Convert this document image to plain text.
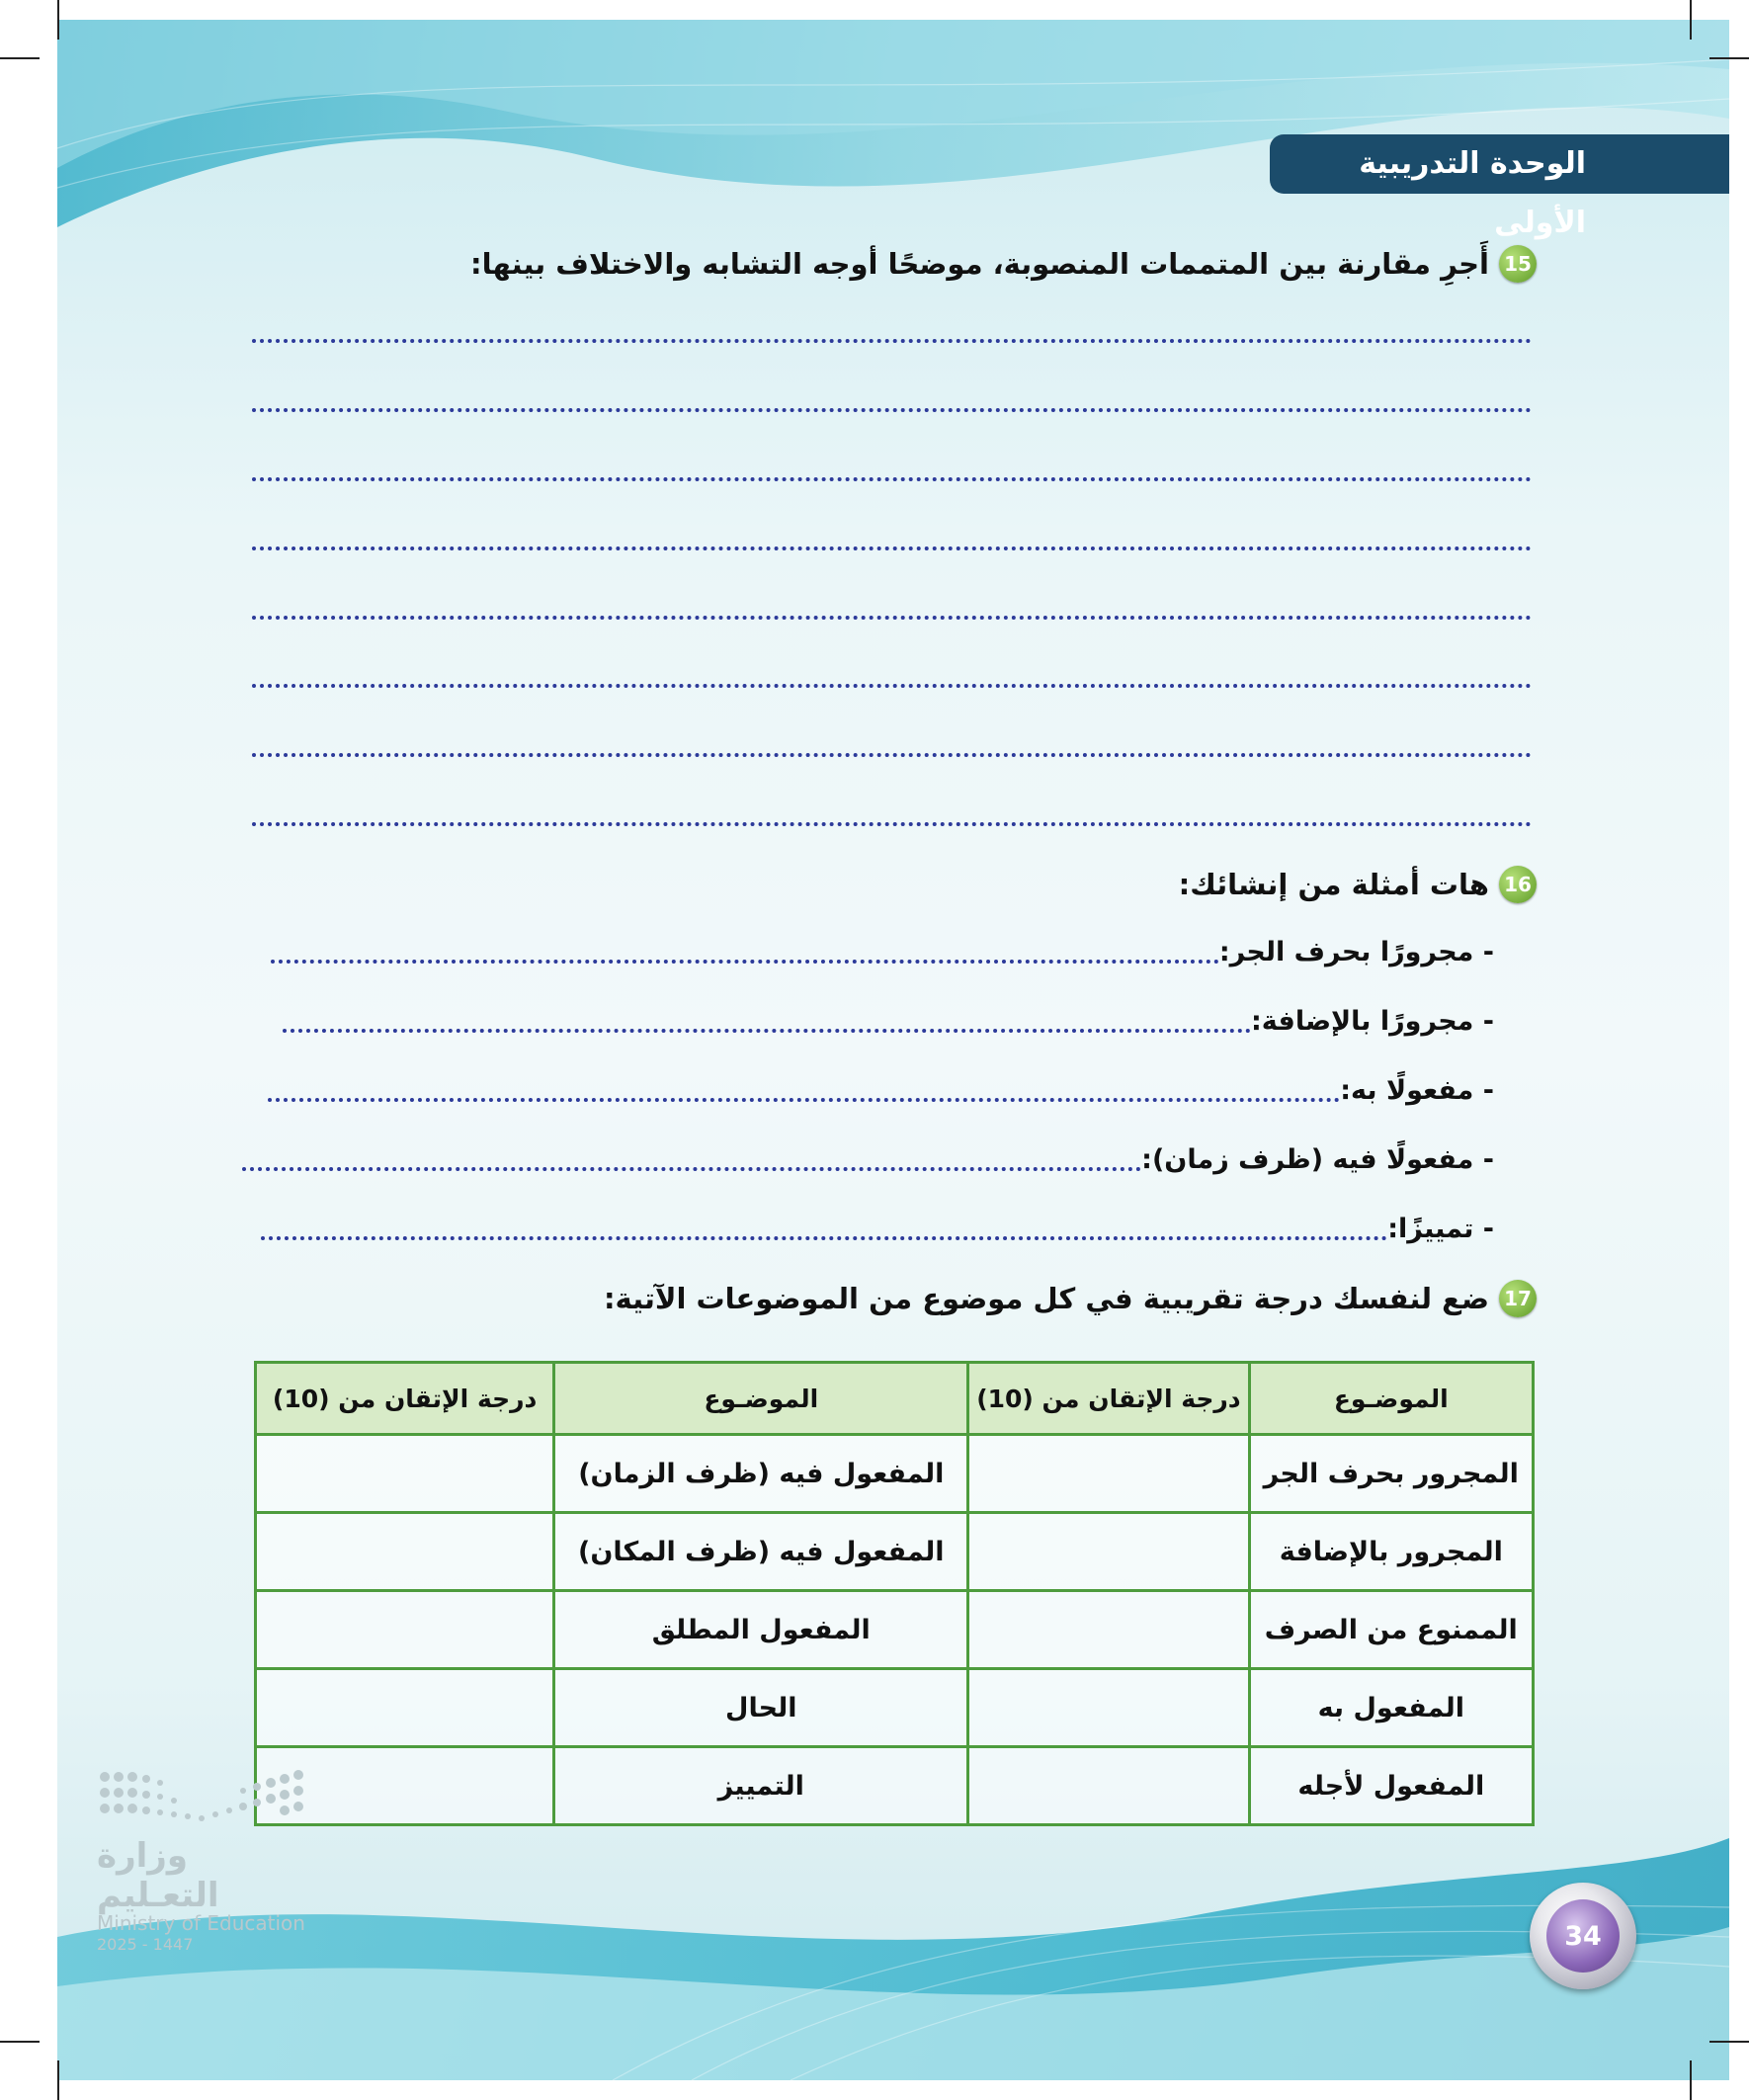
الوحدة التدريبية الأولى
15
أَجرِ مقارنة بين المتممات المنصوبة، موضحًا أوجه التشابه والاختلاف بينها:
16
هات أمثلة من إنشائك:
- مجرورًا بحرف الجر:
- مجرورًا بالإضافة:
- مفعولًا به:
- مفعولًا فيه (ظرف زمان):
- تمييزًا:
17
ضع لنفسك درجة تقريبية في كل موضوع من الموضوعات الآتية:
الموضـوع	درجة الإتقان من (10)	الموضـوع	درجة الإتقان من (10)
المجرور بحرف الجر		المفعول فيه (ظرف الزمان)	
المجرور بالإضافة		المفعول فيه (ظرف المكان)	
الممنوع من الصرف		المفعول المطلق	
المفعول به		الحال	
المفعول لأجله		التمييز	
وزارة التعـليم
Ministry of Education
2025 - 1447	34
